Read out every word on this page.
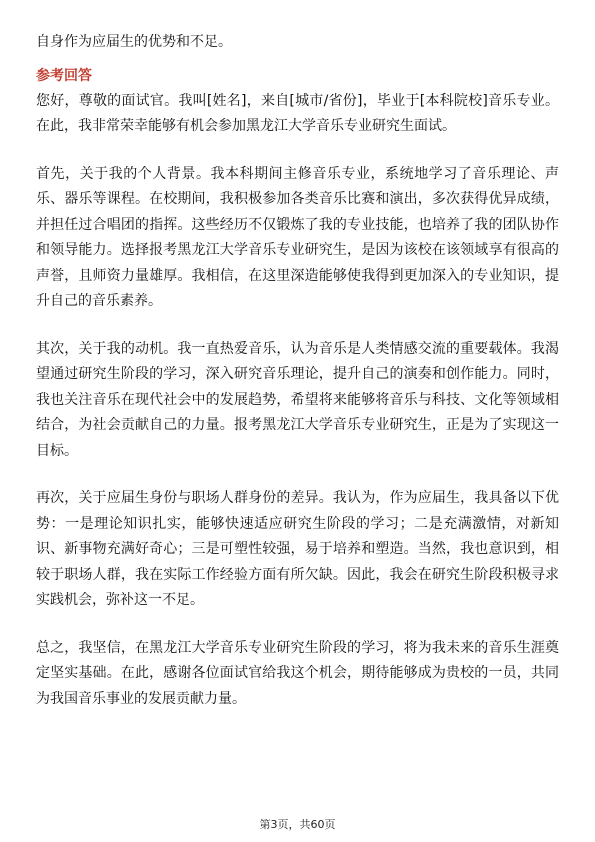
自身作为应届生的优势和不足。

参考回答

您好，尊敬的面试官。我叫[姓名]，来自[城市/省份]，毕业于[本科院校]音乐专业。在此，我非常荣幸能够有机会参加黑龙江大学音乐专业研究生面试。

首先，关于我的个人背景。我本科期间主修音乐专业，系统地学习了音乐理论、声乐、器乐等课程。在校期间，我积极参加各类音乐比赛和演出，多次获得优异成绩，并担任过合唱团的指挥。这些经历不仅锻炼了我的专业技能，也培养了我的团队协作和领导能力。选择报考黑龙江大学音乐专业研究生，是因为该校在该领域享有很高的声誉，且师资力量雄厚。我相信，在这里深造能够使我得到更加深入的专业知识，提升自己的音乐素养。

其次，关于我的动机。我一直热爱音乐，认为音乐是人类情感交流的重要载体。我渴望通过研究生阶段的学习，深入研究音乐理论，提升自己的演奏和创作能力。同时，我也关注音乐在现代社会中的发展趋势，希望将来能够将音乐与科技、文化等领域相结合，为社会贡献自己的力量。报考黑龙江大学音乐专业研究生，正是为了实现这一目标。

再次，关于应届生身份与职场人群身份的差异。我认为，作为应届生，我具备以下优势：一是理论知识扎实，能够快速适应研究生阶段的学习；二是充满激情，对新知识、新事物充满好奇心；三是可塑性较强，易于培养和塑造。当然，我也意识到，相较于职场人群，我在实际工作经验方面有所欠缺。因此，我会在研究生阶段积极寻求实践机会，弥补这一不足。

总之，我坚信，在黑龙江大学音乐专业研究生阶段的学习，将为我未来的音乐生涯奠定坚实基础。在此，感谢各位面试官给我这个机会，期待能够成为贵校的一员，共同为我国音乐事业的发展贡献力量。

第3页，共60页
